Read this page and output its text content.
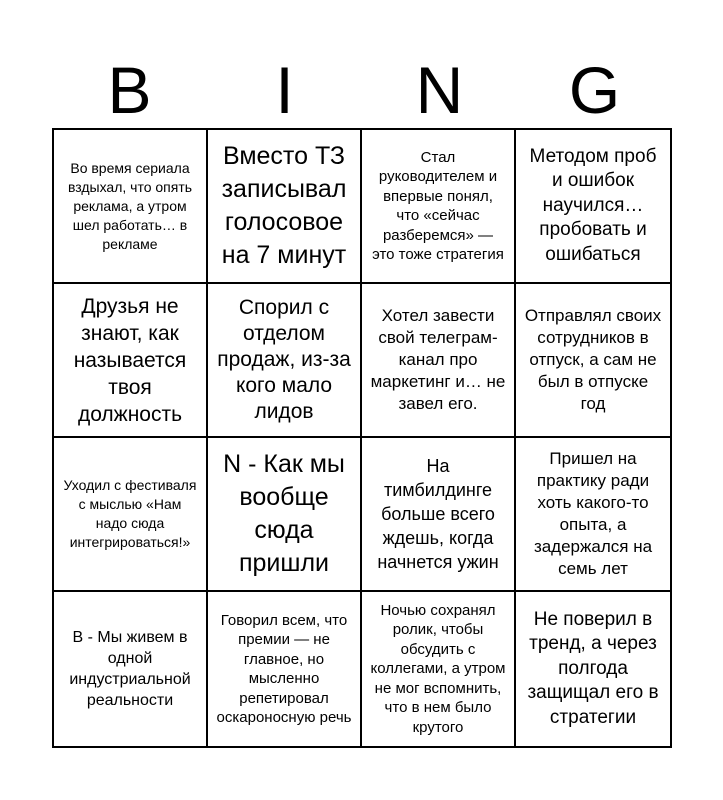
B	I	N	G
Во время сериала вздыхал, что опять реклама, а утром шел работать… в рекламе
Вместо ТЗ записывал голосовое на 7 минут
Стал руководителем и впервые понял, что «сейчас разберемся» — это тоже стратегия
Методом проб и ошибок научился… пробовать и ошибаться
Друзья не знают, как называется твоя должность
Спорил с отделом продаж, из-за кого мало лидов
Хотел завести свой телеграм-канал про маркетинг и… не завел его.
Отправлял своих сотрудников в отпуск, а сам не был в отпуске год
Уходил с фестиваля с мыслью «Нам надо сюда интегрироваться!»
N - Как мы вообще сюда пришли
На тимбилдинге больше всего ждешь, когда начнется ужин
Пришел на практику ради хоть какого-то опыта, а задержался на семь лет
B - Мы живем в одной индустриальной реальности
Говорил всем, что премии — не главное, но мысленно репетировал оскароносную речь
Ночью сохранял ролик, чтобы обсудить с коллегами, а утром не мог вспомнить, что в нем было крутого
Не поверил в тренд, а через полгода защищал его в стратегии
